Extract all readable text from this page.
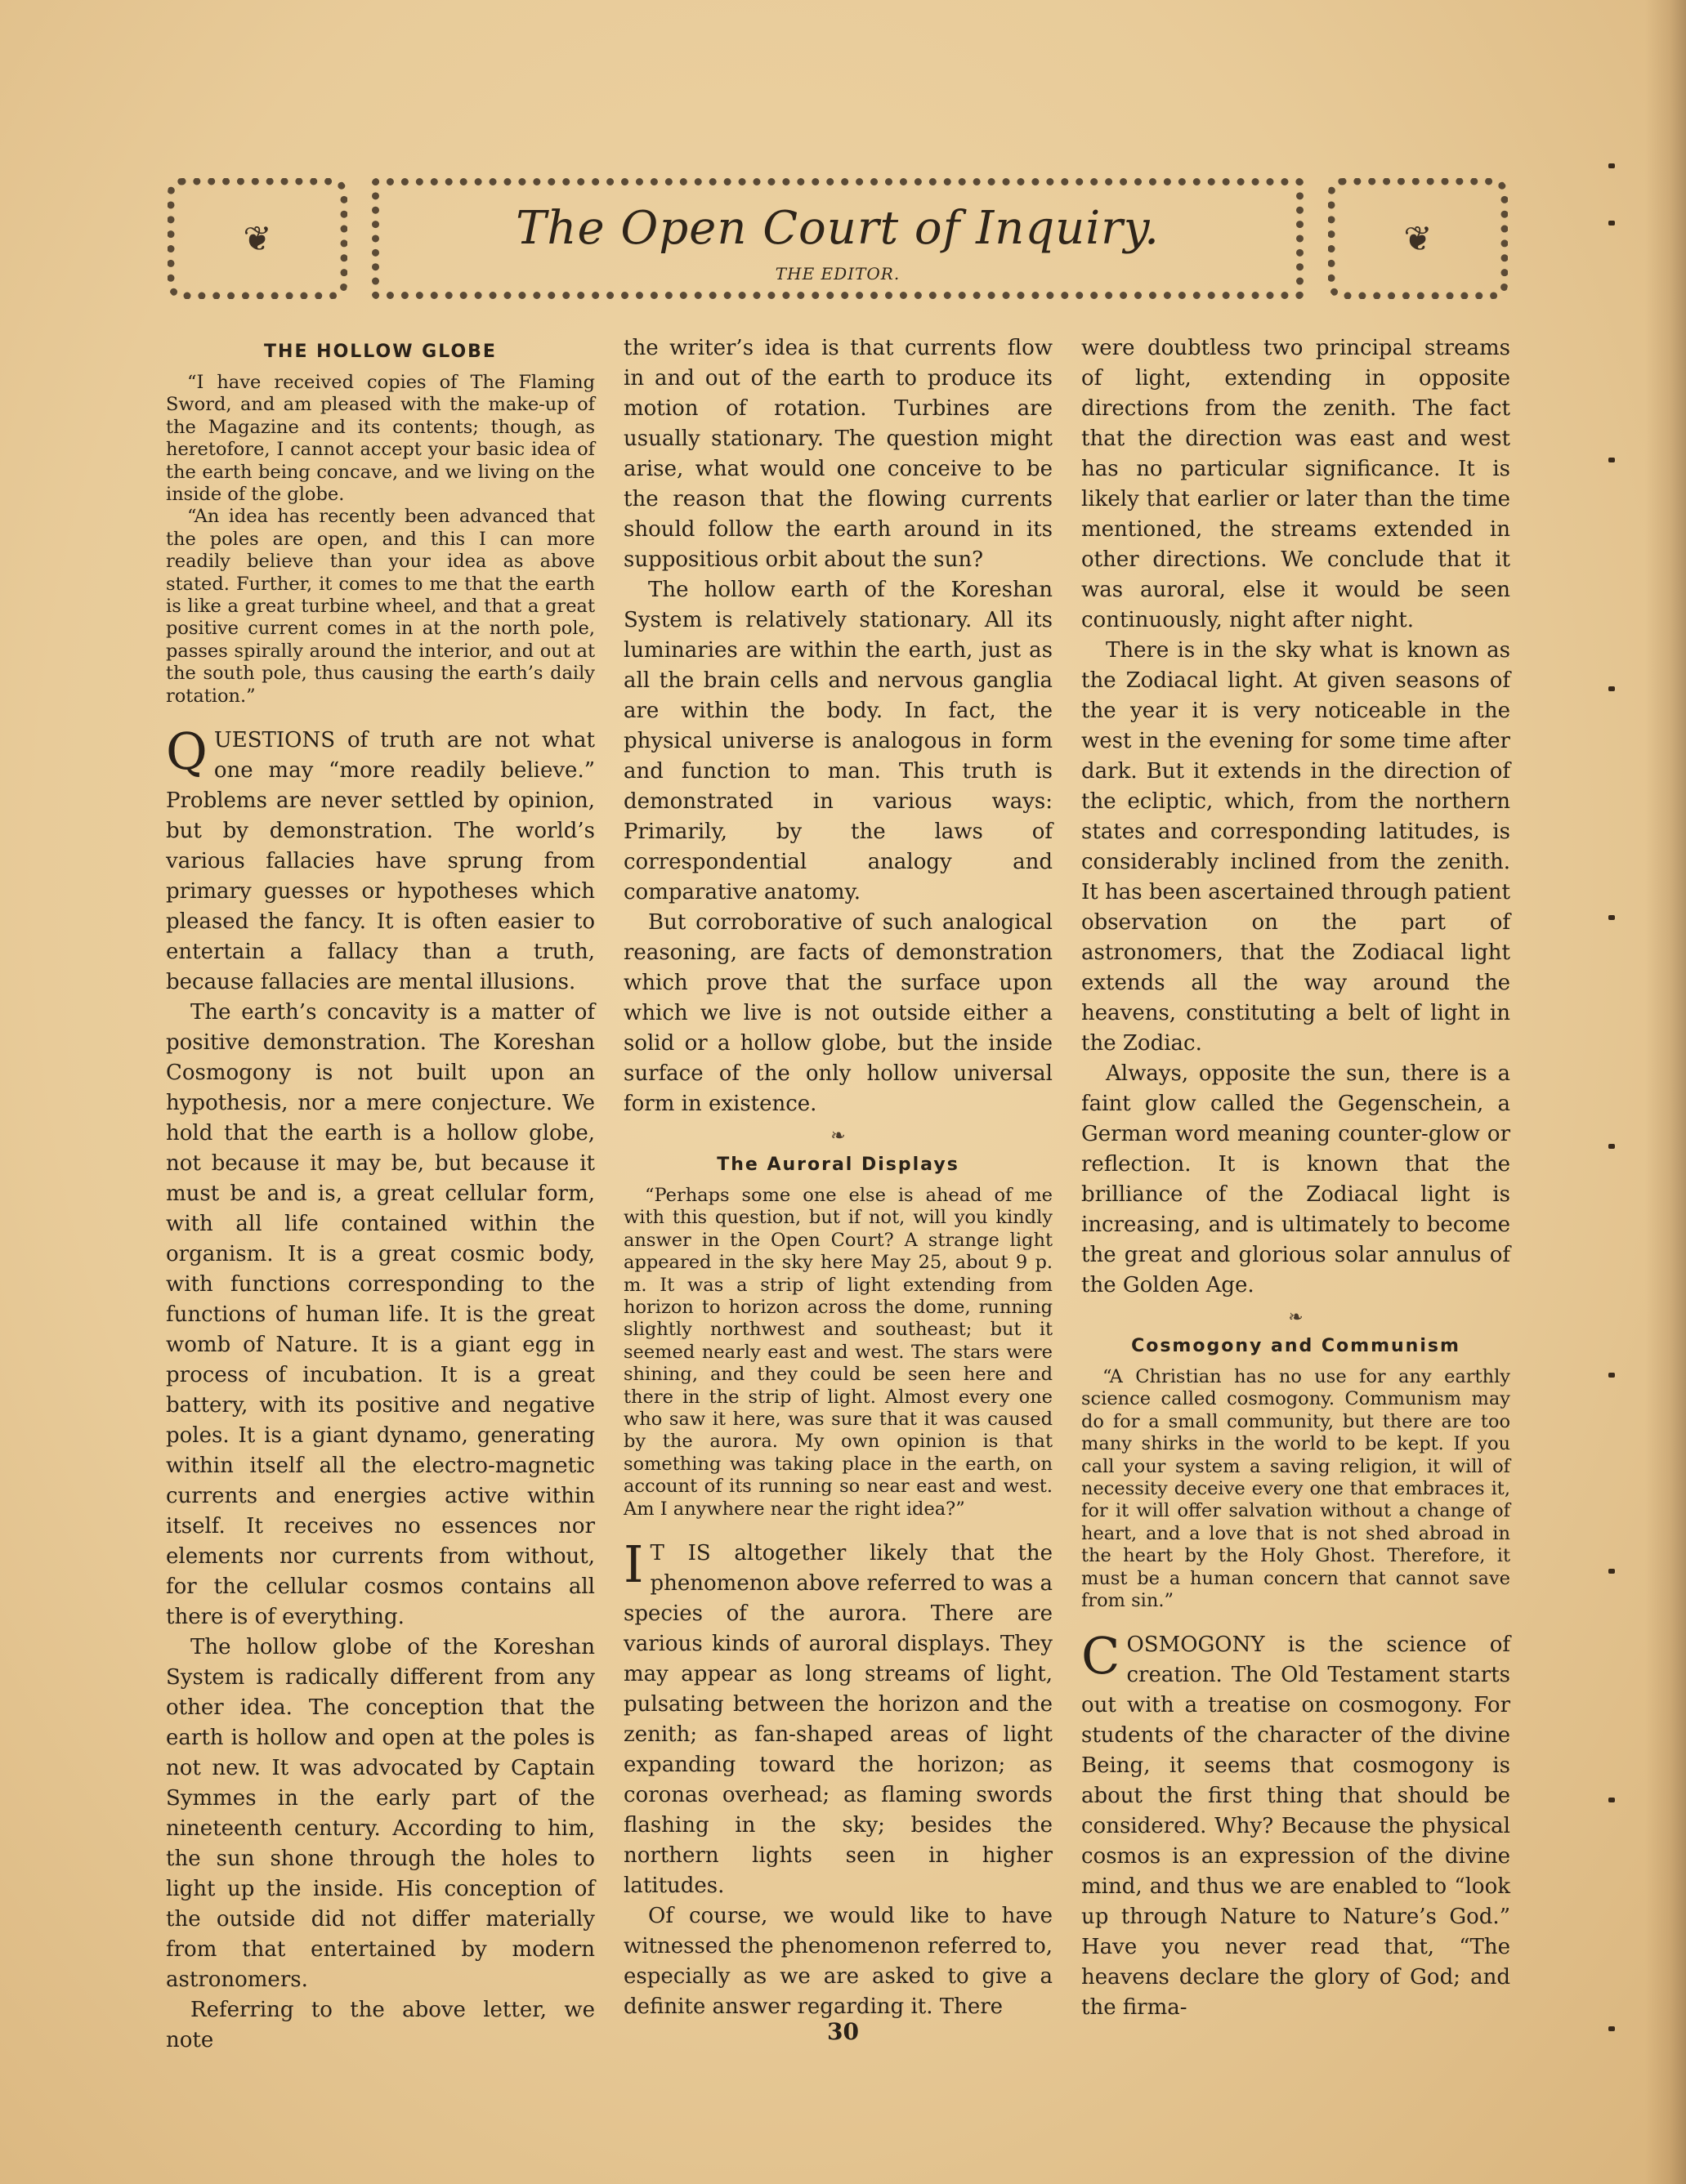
❦	The Open Court of Inquiry.
THE EDITOR.
❦
THE HOLLOW GLOBE

“I have received copies of The Flaming Sword, and am pleased with the make-up of the Magazine and its contents; though, as heretofore, I cannot accept your basic idea of the earth being concave, and we living on the inside of the globe.

“An idea has recently been advanced that the poles are open, and this I can more readily believe than your idea as above stated. Further, it comes to me that the earth is like a great turbine wheel, and that a great positive current comes in at the north pole, passes spirally around the interior, and out at the south pole, thus causing the earth’s daily rotation.”

QUESTIONS of truth are not what one may “more readily believe.” Problems are never settled by opinion, but by demonstration. The world’s various fallacies have sprung from primary guesses or hypotheses which pleased the fancy. It is often easier to entertain a fallacy than a truth, because fallacies are mental illusions.

The earth’s concavity is a matter of positive demonstration. The Koreshan Cosmogony is not built upon an hypothesis, nor a mere conjecture. We hold that the earth is a hollow globe, not because it may be, but because it must be and is, a great cellular form, with all life contained within the organism. It is a great cosmic body, with functions corresponding to the functions of human life. It is the great womb of Nature. It is a giant egg in process of incubation. It is a great battery, with its positive and negative poles. It is a giant dynamo, generating within itself all the electro-magnetic currents and energies active within itself. It receives no essences nor elements nor currents from without, for the cellular cosmos contains all there is of everything.

The hollow globe of the Koreshan System is radically different from any other idea. The conception that the earth is hollow and open at the poles is not new. It was advocated by Captain Symmes in the early part of the nineteenth century. According to him, the sun shone through the holes to light up the inside. His conception of the outside did not differ materially from that entertained by modern astronomers.

Referring to the above letter, we note

the writer’s idea is that currents flow in and out of the earth to produce its motion of rotation. Turbines are usually stationary. The question might arise, what would one conceive to be the reason that the flowing currents should follow the earth around in its suppositious orbit about the sun?

The hollow earth of the Koreshan System is relatively stationary. All its luminaries are within the earth, just as all the brain cells and nervous ganglia are within the body. In fact, the physical universe is analogous in form and function to man. This truth is demonstrated in various ways: Primarily, by the laws of correspondential analogy and comparative anatomy.

But corroborative of such analogical reasoning, are facts of demonstration which prove that the surface upon which we live is not outside either a solid or a hollow globe, but the inside surface of the only hollow universal form in existence.

❧
The Auroral Displays

“Perhaps some one else is ahead of me with this question, but if not, will you kindly answer in the Open Court? A strange light appeared in the sky here May 25, about 9 p. m. It was a strip of light extending from horizon to horizon across the dome, running slightly northwest and southeast; but it seemed nearly east and west. The stars were shining, and they could be seen here and there in the strip of light. Almost every one who saw it here, was sure that it was caused by the aurora. My own opinion is that something was taking place in the earth, on account of its running so near east and west. Am I anywhere near the right idea?”

I T IS altogether likely that the phenomenon above referred to was a species of the aurora. There are various kinds of auroral displays. They may appear as long streams of light, pulsating between the horizon and the zenith; as fan-shaped areas of light expanding toward the horizon; as coronas overhead; as flaming swords flashing in the sky; besides the northern lights seen in higher latitudes.

Of course, we would like to have witnessed the phenomenon referred to, especially as we are asked to give a definite answer regarding it. There

were doubtless two principal streams of light, extending in opposite directions from the zenith. The fact that the direction was east and west has no particular significance. It is likely that earlier or later than the time mentioned, the streams extended in other directions. We conclude that it was auroral, else it would be seen continuously, night after night.

There is in the sky what is known as the Zodiacal light. At given seasons of the year it is very noticeable in the west in the evening for some time after dark. But it extends in the direction of the ecliptic, which, from the northern states and corresponding latitudes, is considerably inclined from the zenith. It has been ascertained through patient observation on the part of astronomers, that the Zodiacal light extends all the way around the heavens, constituting a belt of light in the Zodiac.

Always, opposite the sun, there is a faint glow called the Gegenschein, a German word meaning counter-glow or reflection. It is known that the brilliance of the Zodiacal light is increasing, and is ultimately to become the great and glorious solar annulus of the Golden Age.

❧
Cosmogony and Communism

“A Christian has no use for any earthly science called cosmogony. Communism may do for a small community, but there are too many shirks in the world to be kept. If you call your system a saving religion, it will of necessity deceive every one that embraces it, for it will offer salvation without a change of heart, and a love that is not shed abroad in the heart by the Holy Ghost. Therefore, it must be a human concern that cannot save from sin.”

COSMOGONY is the science of creation. The Old Testament starts out with a treatise on cosmogony. For students of the character of the divine Being, it seems that cosmogony is about the first thing that should be considered. Why? Because the physical cosmos is an expression of the divine mind, and thus we are enabled to “look up through Nature to Nature’s God.” Have you never read that, “The heavens declare the glory of God; and the firma-

30
